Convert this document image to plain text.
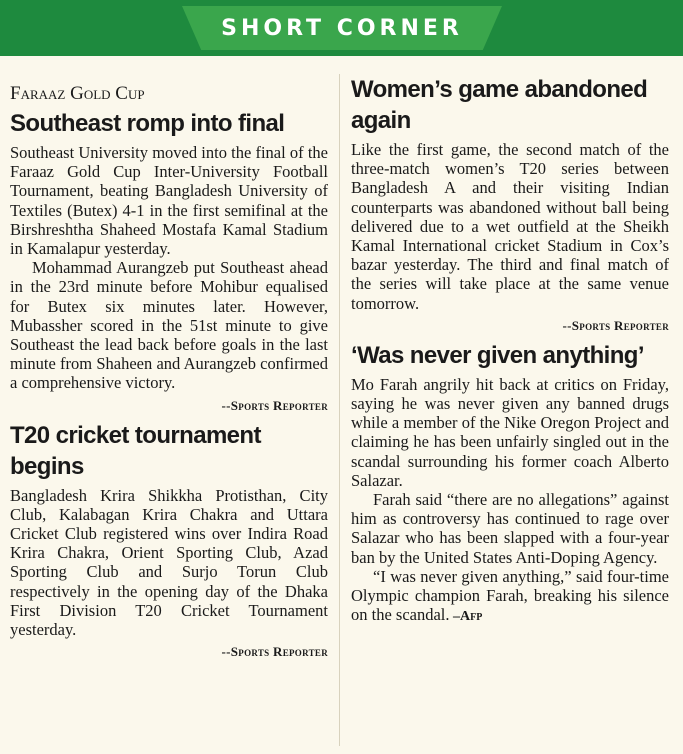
SHORT CORNER
Faraaz Gold Cup
Southeast romp into final

Southeast University moved into the final of the Faraaz Gold Cup Inter-University Football Tournament, beating Bangladesh University of Textiles (Butex) 4-1 in the first semifinal at the Birshreshtha Shaheed Mostafa Kamal Stadium in Kamalapur yesterday.

Mohammad Aurangzeb put Southeast ahead in the 23rd minute before Mohibur equalised for Butex six minutes later. However, Mubassher scored in the 51st minute to give Southeast the lead back before goals in the last minute from Shaheen and Aurangzeb confirmed a comprehensive victory.

--Sports Reporter
T20 cricket tournament begins

Bangladesh Krira Shikkha Protisthan, City Club, Kalabagan Krira Chakra and Uttara Cricket Club registered wins over Indira Road Krira Chakra, Orient Sporting Club, Azad Sporting Club and Surjo Torun Club respectively in the opening day of the Dhaka First Division T20 Cricket Tournament yesterday.

--Sports Reporter
Women’s game abandoned again

Like the first game, the second match of the three-match women’s T20 series between Bangladesh A and their visiting Indian counterparts was abandoned without ball being delivered due to a wet outfield at the Sheikh Kamal International cricket Stadium in Cox’s bazar yesterday. The third and final match of the series will take place at the same venue tomorrow.

--Sports Reporter
‘Was never given anything’

Mo Farah angrily hit back at critics on Friday, saying he was never given any banned drugs while a member of the Nike Oregon Project and claiming he has been unfairly singled out in the scandal surrounding his former coach Alberto Salazar.

Farah said “there are no allegations” against him as controversy has continued to rage over Salazar who has been slapped with a four-year ban by the United States Anti-Doping Agency.

“I was never given anything,” said four-time Olympic champion Farah, breaking his silence on the scandal. –Afp
